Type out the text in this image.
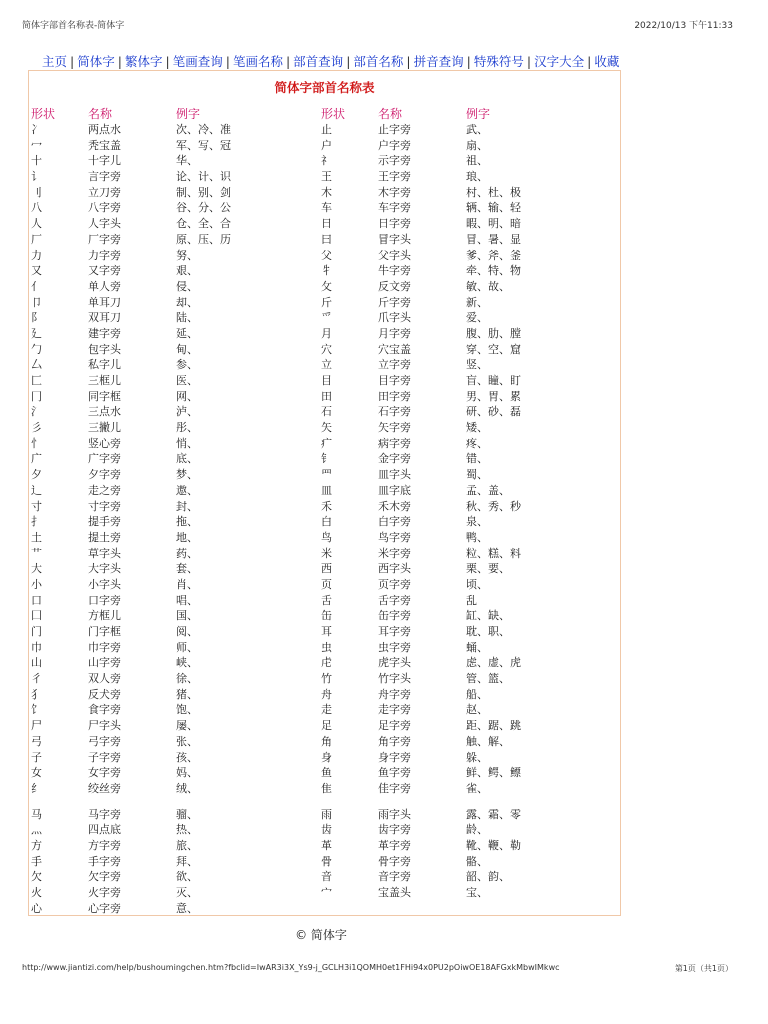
简体字部首名称表-简体字	2022/10/13 下午11:33
主页 | 简体字 | 繁体字 | 笔画查询 | 笔画名称 | 部首查询 | 部首名称 | 拼音查询 | 特殊符号 | 汉字大全 | 收藏
简体字部首名称表
形状	名称	例字	形状	名称	例字
冫	两点水	次、冷、准	止	止字旁	武、
冖	秃宝盖	军、写、冠	户	户字旁	扇、
十	十字儿	华、	礻	示字旁	祖、
讠	言字旁	论、计、识	王	王字旁	琅、
刂	立刀旁	制、别、剑	木	木字旁	村、杜、极
八	八字旁	谷、分、公	车	车字旁	辆、输、轻
人	人字头	仓、全、合	日	日字旁	暇、明、暗
厂	厂字旁	原、压、历	曰	冒字头	冒、暑、显
力	力字旁	努、	父	父字头	爹、斧、釜
又	又字旁	艰、	牜	牛字旁	牵、特、物
亻	单人旁	侵、	攵	反文旁	敏、故、
卩	单耳刀	却、	斤	斤字旁	新、
阝	双耳刀	陆、	爫	爪字头	爱、
廴	建字旁	延、	月	月字旁	腹、肋、膛
勹	包字头	甸、	穴	穴宝盖	穿、空、窟
厶	私字儿	参、	立	立字旁	竖、
匚	三框儿	医、	目	目字旁	盲、瞳、盯
冂	同字框	网、	田	田字旁	男、胃、累
氵	三点水	泸、	石	石字旁	研、砂、磊
彡	三撇儿	彤、	矢	矢字旁	矮、
忄	竖心旁	悄、	疒	病字旁	疼、
广	广字旁	底、	钅	金字旁	错、
夕	夕字旁	梦、	罒	皿字头	蜀、
辶	走之旁	遨、	皿	皿字底	孟、盖、
寸	寸字旁	封、	禾	禾木旁	秋、秀、秒
扌	提手旁	拖、	白	白字旁	泉、
土	提土旁	地、	鸟	鸟字旁	鸭、
艹	草字头	药、	米	米字旁	粒、糕、料
大	大字头	套、	西	西字头	栗、要、
小	小字头	肖、	页	页字旁	顷、
口	口字旁	唱、	舌	舌字旁	乱
囗	方框儿	国、	缶	缶字旁	缸、缺、
门	门字框	阅、	耳	耳字旁	耽、职、
巾	巾字旁	师、	虫	虫字旁	蛹、
山	山字旁	峡、	虍	虎字头	虑、虚、虎
彳	双人旁	徐、	竹	竹字头	管、篮、
犭	反犬旁	猪、	舟	舟字旁	船、
饣	食字旁	饱、	走	走字旁	赵、
尸	尸字头	屡、	足	足字旁	距、踞、跳
弓	弓字旁	张、	角	角字旁	触、解、
子	子字旁	孩、	身	身字旁	躲、
女	女字旁	妈、	鱼	鱼字旁	鲜、鳄、鳔
纟	绞丝旁	绒、	隹	佳字旁	雀、
马	马字旁	骝、	雨	雨字头	露、霜、零
灬	四点底	热、	齿	齿字旁	龄、
方	方字旁	旅、	革	革字旁	靴、鞭、勒
手	手字旁	拜、	骨	骨字旁	骼、
欠	欠字旁	欲、	音	音字旁	韶、韵、
火	火字旁	灭、	宀	宝盖头	宝、
心	心字旁	意、
© 简体字
http://www.jiantizi.com/help/bushoumingchen.htm?fbclid=IwAR3i3X_Ys9-j_GCLH3i1QOMH0et1FHi94x0PU2pOiwOE18AFGxkMbwIMkwc	第1页（共1页）
